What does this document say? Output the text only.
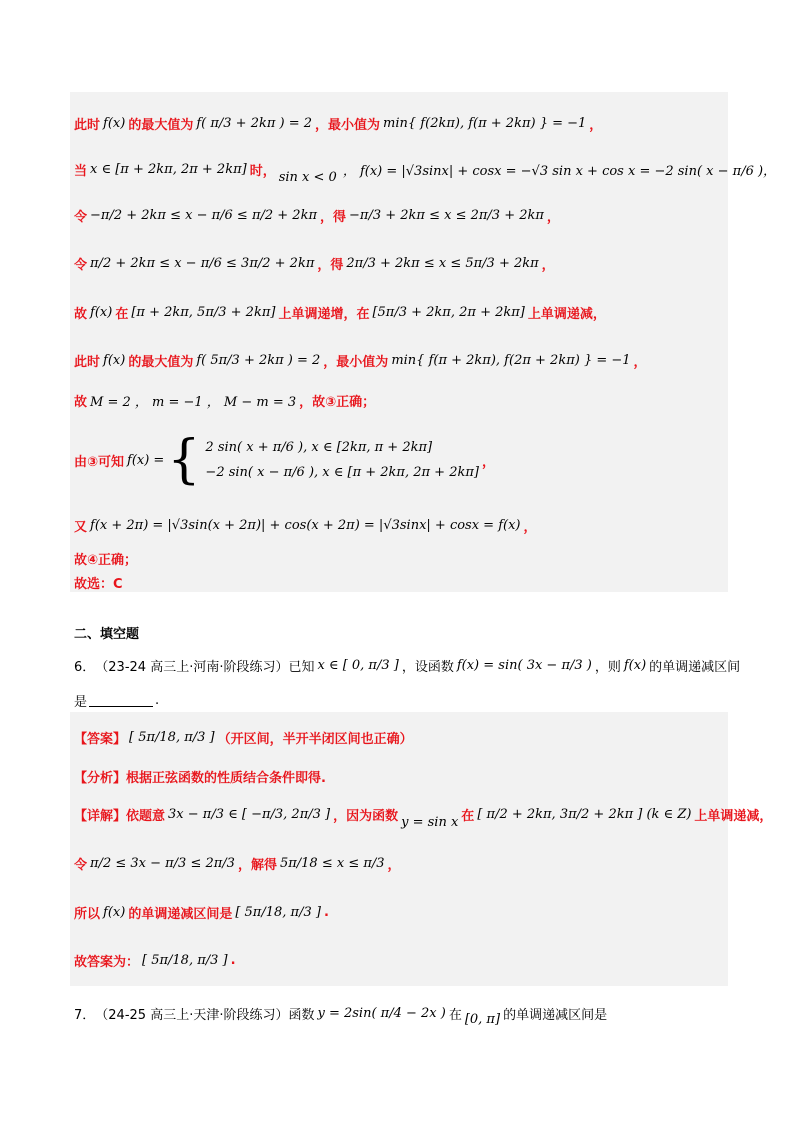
此时 f(x) 的最大值为 f( π/3 + 2kπ ) = 2 ，最小值为 min{ f(2kπ), f(π + 2kπ) } = −1 ，
当 x ∈ [π + 2kπ, 2π + 2kπ] 时， sin x < 0 ， f(x) = |√3sinx| + cosx = −√3 sin x + cos x = −2 sin( x − π/6 )，
令 −π/2 + 2kπ ≤ x − π/6 ≤ π/2 + 2kπ ，得 −π/3 + 2kπ ≤ x ≤ 2π/3 + 2kπ ，
令 π/2 + 2kπ ≤ x − π/6 ≤ 3π/2 + 2kπ ，得 2π/3 + 2kπ ≤ x ≤ 5π/3 + 2kπ ，
故 f(x) 在 [π + 2kπ, 5π/3 + 2kπ] 上单调递增，在 [5π/3 + 2kπ, 2π + 2kπ] 上单调递减，
此时 f(x) 的最大值为 f( 5π/3 + 2kπ ) = 2 ，最小值为 min{ f(π + 2kπ), f(2π + 2kπ) } = −1 ，
故 M = 2 ， m = −1 ， M − m = 3 ，故③正确；
由③可知 f(x) = { 2 sin( x + π/6 ), x ∈ [2kπ, π + 2kπ]
−2 sin( x − π/6 ), x ∈ [π + 2kπ, 2π + 2kπ]
，
又 f(x + 2π) = |√3sin(x + 2π)| + cos(x + 2π) = |√3sinx| + cosx = f(x) ，
故④正确；
故选 ：C
二、填空题
6． （23-24 高三上·河南·阶段练习）已知 x ∈ [ 0, π/3 ] ，设函数 f(x) = sin( 3x − π/3 ) ，则 f(x) 的单调递减区间
是	.
【答案】 [ 5π/18, π/3 ] （开区间，半开半闭区间也正确）
【分析】 根据正弦函数的性质结合条件即得.
【详解】 依题意 3x − π/3 ∈ [ −π/3, 2π/3 ] ，因为函数 y = sin x 在 [ π/2 + 2kπ, 3π/2 + 2kπ ] (k ∈ Z) 上单调递减，
令 π/2 ≤ 3x − π/3 ≤ 2π/3 ，解得 5π/18 ≤ x ≤ π/3 ，
所以 f(x) 的单调递减区间是 [ 5π/18, π/3 ] .
故答案为： [ 5π/18, π/3 ] .
7． （24-25 高三上·天津·阶段练习）函数 y = 2sin( π/4 − 2x ) 在 [0, π] 的单调递减区间是
